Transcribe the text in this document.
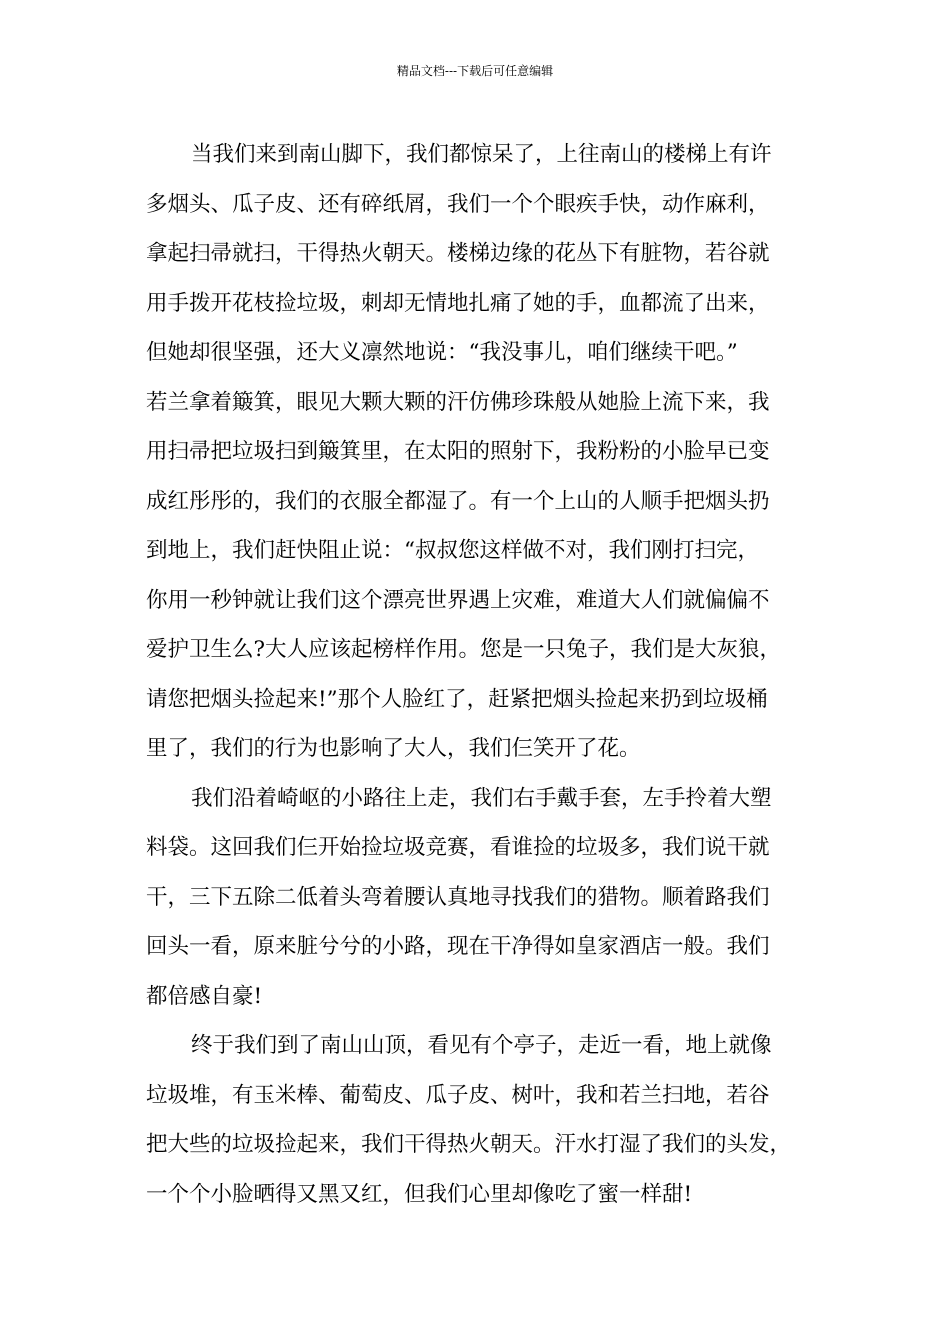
精品文档---下载后可任意编辑
当我们来到南山脚下，我们都惊呆了，上往南山的楼梯上有许
多烟头、瓜子皮、还有碎纸屑，我们一个个眼疾手快，动作麻利，
拿起扫帚就扫，干得热火朝天。楼梯边缘的花丛下有脏物，若谷就
用手拨开花枝捡垃圾，刺却无情地扎痛了她的手，血都流了出来，
但她却很坚强，还大义凛然地说：“我没事儿，咱们继续干吧。”
若兰拿着簸箕，眼见大颗大颗的汗仿佛珍珠般从她脸上流下来，我
用扫帚把垃圾扫到簸箕里，在太阳的照射下，我粉粉的小脸早已变
成红彤彤的，我们的衣服全都湿了。有一个上山的人顺手把烟头扔
到地上，我们赶快阻止说：“叔叔您这样做不对，我们刚打扫完，
你用一秒钟就让我们这个漂亮世界遇上灾难，难道大人们就偏偏不
爱护卫生么?大人应该起榜样作用。您是一只兔子，我们是大灰狼，
请您把烟头捡起来!”那个人脸红了，赶紧把烟头捡起来扔到垃圾桶
里了，我们的行为也影响了大人，我们仨笑开了花。
我们沿着崎岖的小路往上走，我们右手戴手套，左手拎着大塑
料袋。这回我们仨开始捡垃圾竞赛，看谁捡的垃圾多，我们说干就
干，三下五除二低着头弯着腰认真地寻找我们的猎物。顺着路我们
回头一看，原来脏兮兮的小路，现在干净得如皇家酒店一般。我们
都倍感自豪!
终于我们到了南山山顶，看见有个亭子，走近一看，地上就像
垃圾堆，有玉米棒、葡萄皮、瓜子皮、树叶，我和若兰扫地，若谷
把大些的垃圾捡起来，我们干得热火朝天。汗水打湿了我们的头发，
一个个小脸晒得又黑又红，但我们心里却像吃了蜜一样甜!
